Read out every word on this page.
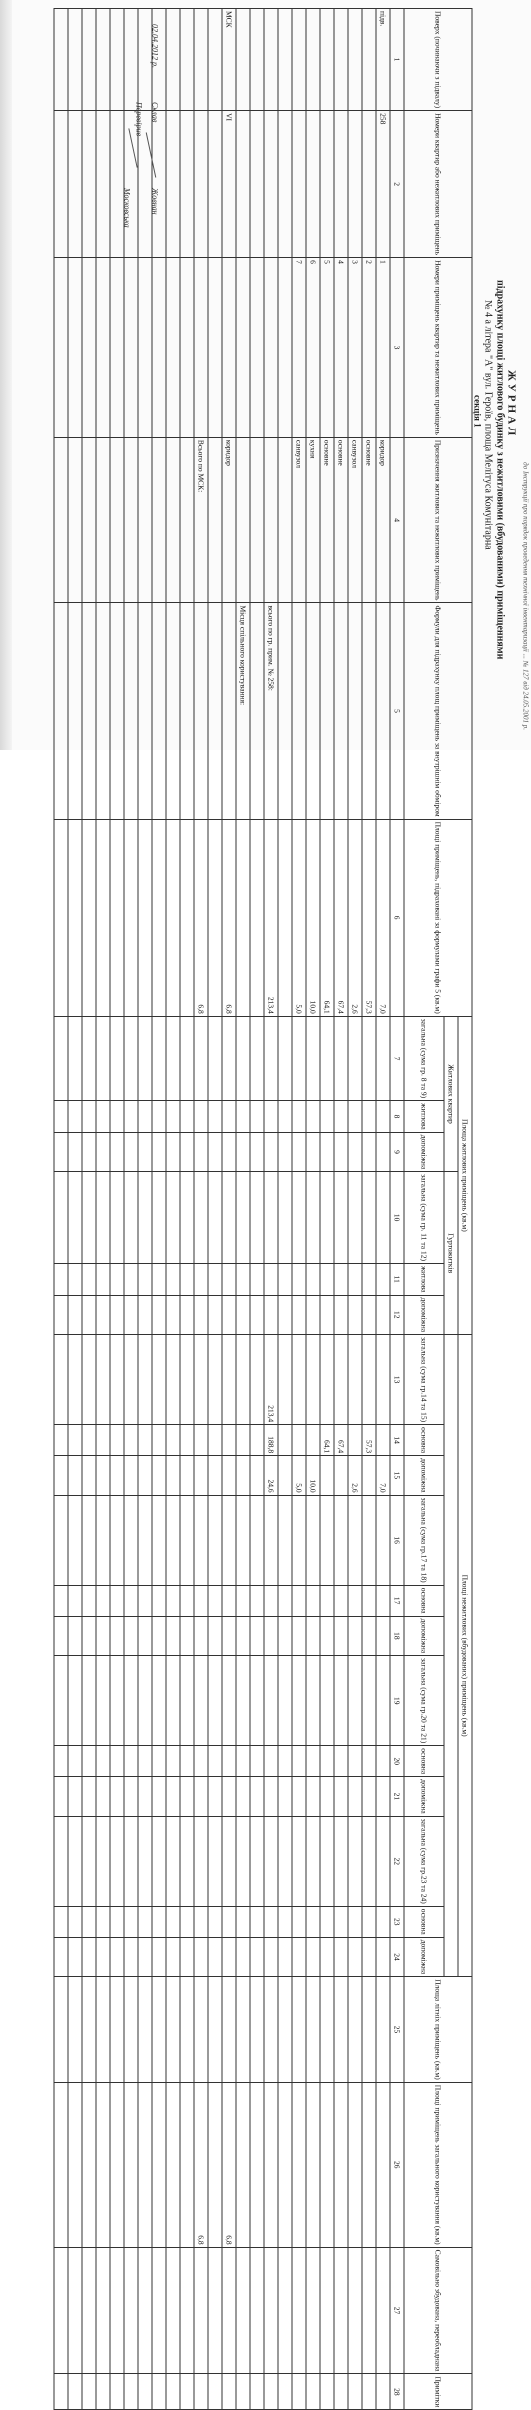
до Інструкції про порядок проведення технічної інвентаризації ... № 127 від 24.05.2001 р.
ЖУРНАЛ
підрахунку площі житлового будинку з нежитловими (вбудованими) приміщеннями
№ 4 а літера "А" вул. Героїв, площа Мелітуса Комунітарна
секція 1
Поверх (починаючи з підвалу)	Номери квартир або нежитлових приміщень	Номери приміщень квартир та нежитлових приміщень	Призначення житлових та нежитлових приміщень	Формули для підрахунку площ приміщень за внутрішнім обміром	Площі приміщень, підраховані за формулами графи 5 (кв.м)	Площа житлових приміщень (кв.м)						Площі нежитлових (вбудованих) приміщень (кв.м)												Площа літніх приміщень (кв.м)	Площі приміщень загального користування (кв.м)	Самовільно збудована, переобладнана	Примітки
						Житлових квартир			Гуртожитків																		
						загальна (сума гр. 8 та 9)	житлова	допоміжна	загальна (сума гр. 11 та 12)	житлова	допоміжна	загальна (сума гр.14 та 15)	основна	допоміжна	загальна (сума гр.17 та 18)	основна	допоміжна	загальна (сума гр.20 та 21)	основна	допоміжна	загальна (сума гр.23 та 24)	основна	допоміжна				
1	2	3	4	5	6	7	8	9	10	11	12	13	14	15	16	17	18	19	20	21	22	23	24	25	26	27	28
підв.	258	1	коридор		7,0									7,0													
		2	основне		57,3								57,3														
		3	санвузол		2,6									2,6													
		4	основне		67,4								67,4														
		5	основне		64,1								64,1														
		6	кухня		10,0									10,0													
		7	санвузол		5,0									5,0													

				всього по гр. прим. № 258:	213,4							213,4	188,8	24,6													

				Місця спільного користування:																							
МСК	VI		коридор		6,8																				6,8		

			Всього по МСК:		6,8																				6,8		

02.04.2012 р.
Склав
Перевірив
Жовнан
Московська
